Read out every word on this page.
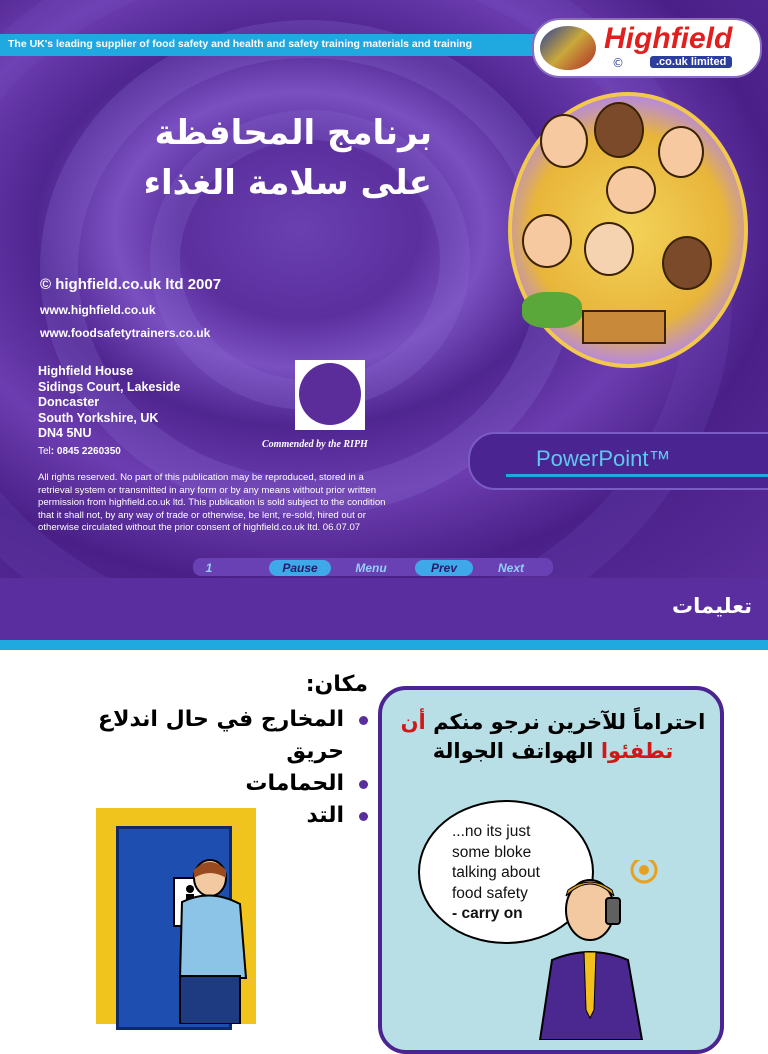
The UK's leading supplier of food safety and health and safety training materials and training	Highfield
©	.co.uk limited
برنامج المحافظة
على سلامة الغذاء
© highfield.co.uk ltd 2007
www.highfield.co.uk
www.foodsafetytrainers.co.uk
Highfield House
Sidings Court, Lakeside
Doncaster
South Yorkshire, UK
DN4 5NU
Tel: 0845 2260350
All rights reserved. No part of this publication may be reproduced, stored in a retrieval system or transmitted in any form or by any means without prior written permission from highfield.co.uk ltd. This publication is sold subject to the condition that it shall not, by any way of trade or otherwise, be lent, re-sold, hired out or otherwise circulated without the prior consent of highfield.co.uk ltd. 06.07.07
Commended by the RIPH
PowerPoint™
1	Pause	Menu	Prev	Next
تعليمات
مكان:
المخارج في حال اندلاع حريق
الحمامات
التد
احتراماً للآخرين نرجو منكم أن تطفئوا الهواتف الجوالة
...no its just
some bloke
talking about
food safety
- carry on
